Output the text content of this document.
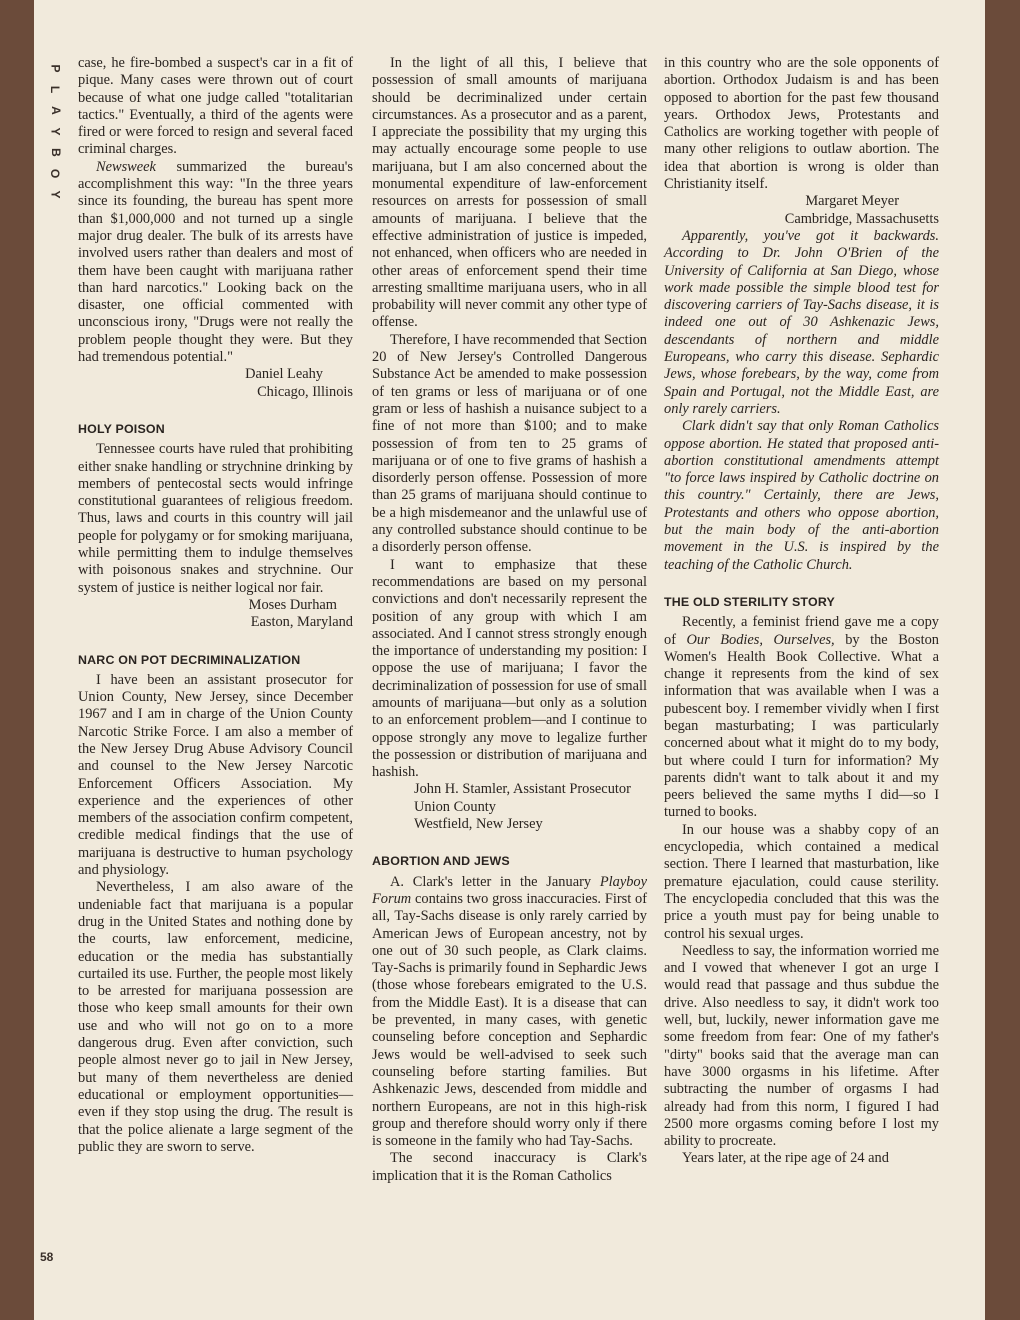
P
L
A
Y
B
O
Y
58

case, he fire-bombed a suspect's car in a fit of pique. Many cases were thrown out of court because of what one judge called "totalitarian tactics." Eventually, a third of the agents were fired or were forced to resign and several faced criminal charges.

Newsweek summarized the bureau's accomplishment this way: "In the three years since its founding, the bureau has spent more than $1,000,000 and not turned up a single major drug dealer. The bulk of its arrests have involved users rather than dealers and most of them have been caught with marijuana rather than hard narcotics." Looking back on the disaster, one official commented with unconscious irony, "Drugs were not really the problem people thought they were. But they had tremendous potential."

Daniel Leahy

Chicago, Illinois

HOLY POISON

Tennessee courts have ruled that prohibiting either snake handling or strychnine drinking by members of pentecostal sects would infringe constitutional guarantees of religious freedom. Thus, laws and courts in this country will jail people for polygamy or for smoking marijuana, while permitting them to indulge themselves with poisonous snakes and strychnine. Our system of justice is neither logical nor fair.

Moses Durham

Easton, Maryland

NARC ON POT DECRIMINALIZATION

I have been an assistant prosecutor for Union County, New Jersey, since December 1967 and I am in charge of the Union County Narcotic Strike Force. I am also a member of the New Jersey Drug Abuse Advisory Council and counsel to the New Jersey Narcotic Enforcement Officers Association. My experience and the experiences of other members of the association confirm competent, credible medical findings that the use of marijuana is destructive to human psychology and physiology.

Nevertheless, I am also aware of the undeniable fact that marijuana is a popular drug in the United States and nothing done by the courts, law enforcement, medicine, education or the media has substantially curtailed its use. Further, the people most likely to be arrested for marijuana possession are those who keep small amounts for their own use and who will not go on to a more dangerous drug. Even after conviction, such people almost never go to jail in New Jersey, but many of them nevertheless are denied educational or employment opportunities—even if they stop using the drug. The result is that the police alienate a large segment of the public they are sworn to serve.

In the light of all this, I believe that possession of small amounts of marijuana should be decriminalized under certain circumstances. As a prosecutor and as a parent, I appreciate the possibility that my urging this may actually encourage some people to use marijuana, but I am also concerned about the monumental expenditure of law-enforcement resources on arrests for possession of small amounts of marijuana. I believe that the effective administration of justice is impeded, not enhanced, when officers who are needed in other areas of enforcement spend their time arresting smalltime marijuana users, who in all probability will never commit any other type of offense.

Therefore, I have recommended that Section 20 of New Jersey's Controlled Dangerous Substance Act be amended to make possession of ten grams or less of marijuana or of one gram or less of hashish a nuisance subject to a fine of not more than $100; and to make possession of from ten to 25 grams of marijuana or of one to five grams of hashish a disorderly person offense. Possession of more than 25 grams of marijuana should continue to be a high misdemeanor and the unlawful use of any controlled substance should continue to be a disorderly person offense.

I want to emphasize that these recommendations are based on my personal convictions and don't necessarily represent the position of any group with which I am associated. And I cannot stress strongly enough the importance of understanding my position: I oppose the use of marijuana; I favor the decriminalization of possession for use of small amounts of marijuana—but only as a solution to an enforcement problem—and I continue to oppose strongly any move to legalize further the possession or distribution of marijuana and hashish.

John H. Stamler, Assistant Prosecutor

Union County

Westfield, New Jersey

ABORTION AND JEWS

A. Clark's letter in the January Playboy Forum contains two gross inaccuracies. First of all, Tay-Sachs disease is only rarely carried by American Jews of European ancestry, not by one out of 30 such people, as Clark claims. Tay-Sachs is primarily found in Sephardic Jews (those whose forebears emigrated to the U.S. from the Middle East). It is a disease that can be prevented, in many cases, with genetic counseling before conception and Sephardic Jews would be well-advised to seek such counseling before starting families. But Ashkenazic Jews, descended from middle and northern Europeans, are not in this high-risk group and therefore should worry only if there is someone in the family who had Tay-Sachs.

The second inaccuracy is Clark's implication that it is the Roman Catholics

in this country who are the sole opponents of abortion. Orthodox Judaism is and has been opposed to abortion for the past few thousand years. Orthodox Jews, Protestants and Catholics are working together with people of many other religions to outlaw abortion. The idea that abortion is wrong is older than Christianity itself.

Margaret Meyer

Cambridge, Massachusetts

Apparently, you've got it backwards. According to Dr. John O'Brien of the University of California at San Diego, whose work made possible the simple blood test for discovering carriers of Tay-Sachs disease, it is indeed one out of 30 Ashkenazic Jews, descendants of northern and middle Europeans, who carry this disease. Sephardic Jews, whose forebears, by the way, come from Spain and Portugal, not the Middle East, are only rarely carriers.

Clark didn't say that only Roman Catholics oppose abortion. He stated that proposed anti-abortion constitutional amendments attempt "to force laws inspired by Catholic doctrine on this country." Certainly, there are Jews, Protestants and others who oppose abortion, but the main body of the anti-abortion movement in the U.S. is inspired by the teaching of the Catholic Church.

THE OLD STERILITY STORY

Recently, a feminist friend gave me a copy of Our Bodies, Ourselves, by the Boston Women's Health Book Collective. What a change it represents from the kind of sex information that was available when I was a pubescent boy. I remember vividly when I first began masturbating; I was particularly concerned about what it might do to my body, but where could I turn for information? My parents didn't want to talk about it and my peers believed the same myths I did—so I turned to books.

In our house was a shabby copy of an encyclopedia, which contained a medical section. There I learned that masturbation, like premature ejaculation, could cause sterility. The encyclopedia concluded that this was the price a youth must pay for being unable to control his sexual urges.

Needless to say, the information worried me and I vowed that whenever I got an urge I would read that passage and thus subdue the drive. Also needless to say, it didn't work too well, but, luckily, newer information gave me some freedom from fear: One of my father's "dirty" books said that the average man can have 3000 orgasms in his lifetime. After subtracting the number of orgasms I had already had from this norm, I figured I had 2500 more orgasms coming before I lost my ability to procreate.

Years later, at the ripe age of 24 and
